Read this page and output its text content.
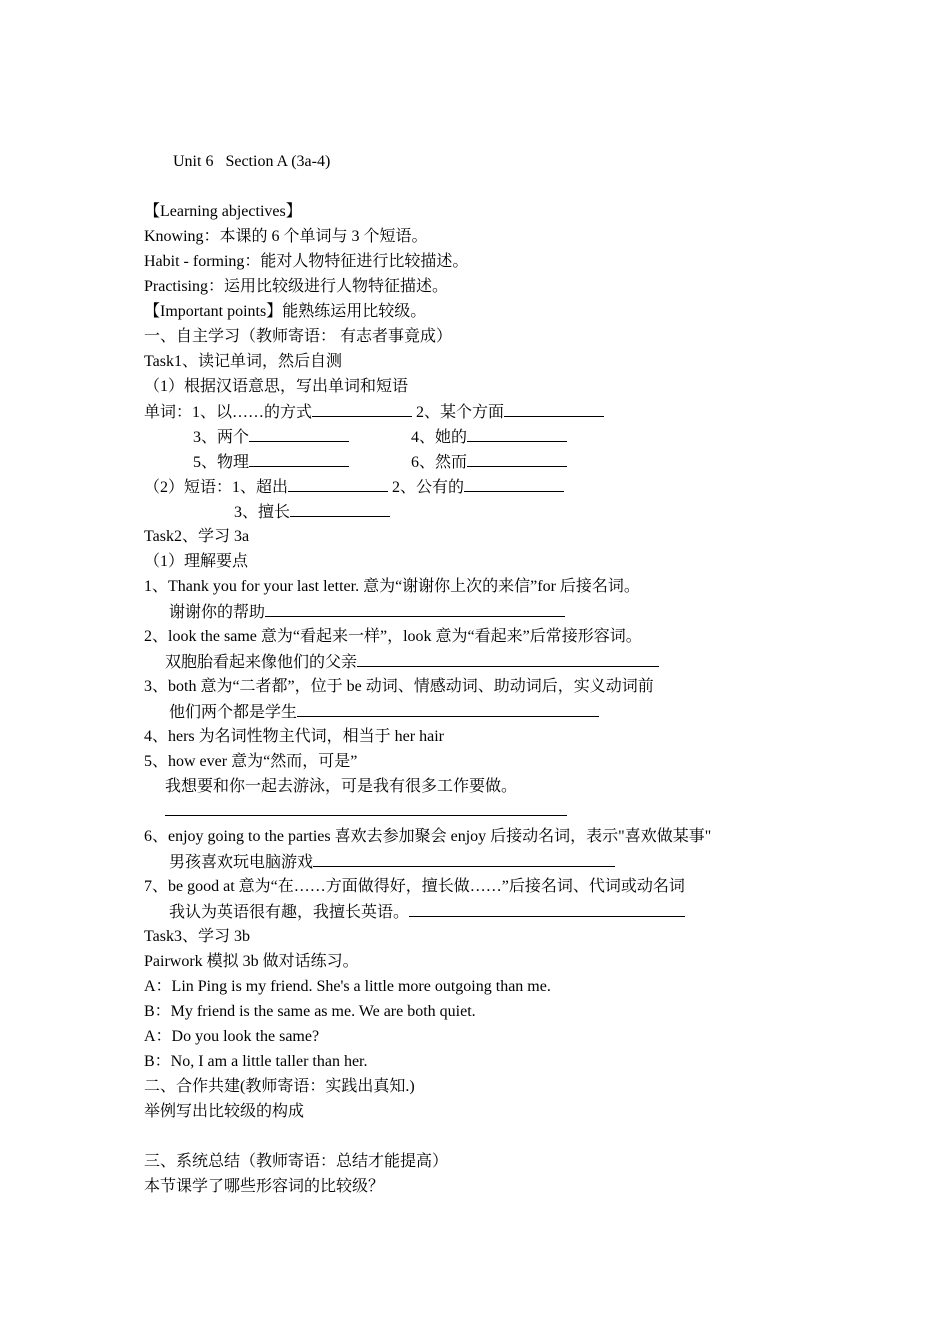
Unit 6   Section A (3a-4)
【Learning abjectives】
Knowing：本课的 6 个单词与 3 个短语。
Habit - forming：能对人物特征进行比较描述。
Practising：运用比较级进行人物特征描述。
【Important points】能熟练运用比较级。
一、自主学习（教师寄语： 有志者事竟成）
Task1、读记单词，然后自测
（1）根据汉语意思，写出单词和短语
单词：1、以……的方式	2、某个方面
3、两个	4、她的
5、物理	6、然而
（2）短语：1、超出	2、公有的
3、擅长
Task2、学习 3a
（1）理解要点
1、Thank you for your last letter. 意为“谢谢你上次的来信”for 后接名词。
谢谢你的帮助
2、look the same 意为“看起来一样”，look 意为“看起来”后常接形容词。
双胞胎看起来像他们的父亲
3、both 意为“二者都”，位于 be 动词、情感动词、助动词后，实义动词前
他们两个都是学生
4、hers 为名词性物主代词，相当于 her hair
5、how ever 意为“然而，可是”
我想要和你一起去游泳，可是我有很多工作要做。
6、enjoy going to the parties 喜欢去参加聚会 enjoy 后接动名词，表示"喜欢做某事"
男孩喜欢玩电脑游戏
7、be good at 意为“在……方面做得好，擅长做……”后接名词、代词或动名词
我认为英语很有趣，我擅长英语。
Task3、学习 3b
Pairwork 模拟 3b 做对话练习。
A：Lin Ping is my friend. She's a little more outgoing than me.
B：My friend is the same as me. We are both quiet.
A：Do you look the same?
B：No, I am a little taller than her.
二、合作共建(教师寄语：实践出真知.)
举例写出比较级的构成
三、系统总结（教师寄语：总结才能提高）
本节课学了哪些形容词的比较级？
